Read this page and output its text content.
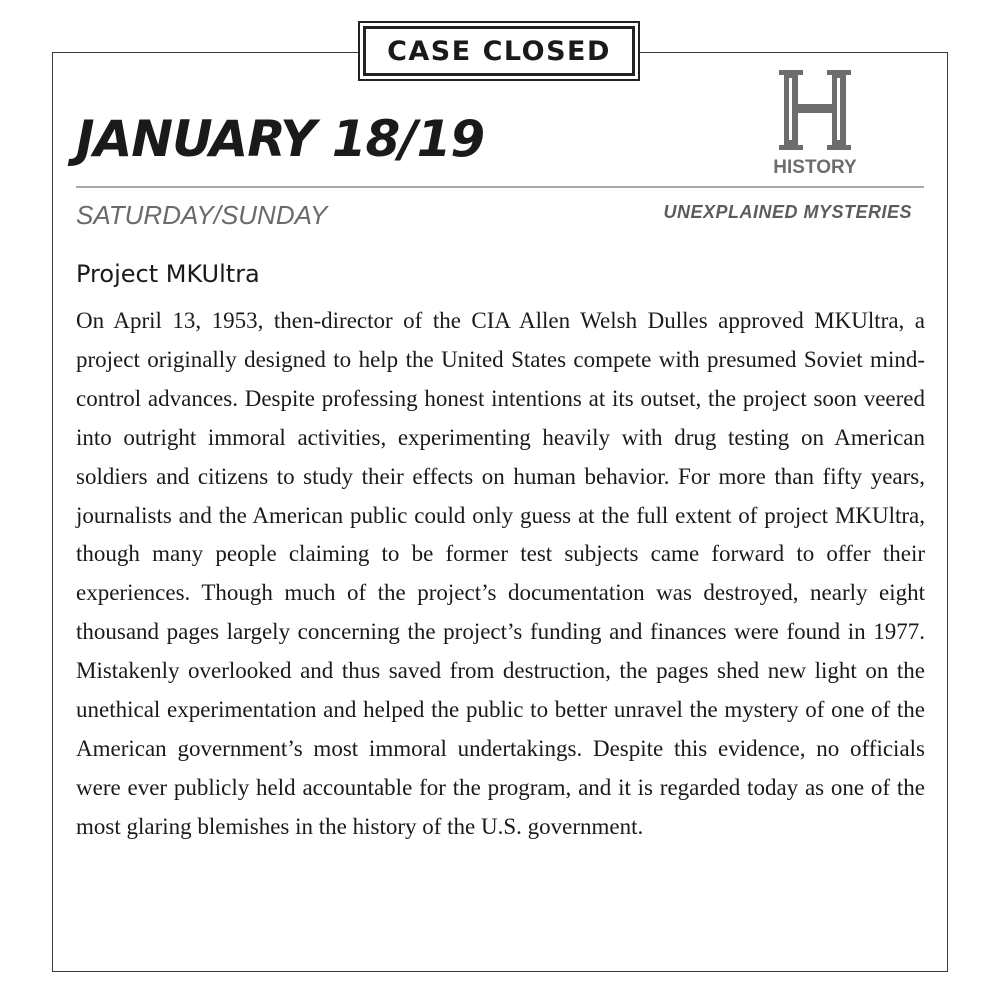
CASE CLOSED
JANUARY 18/19	HISTORY
SATURDAY/SUNDAY	UNEXPLAINED MYSTERIES
Project MKUltra

On April 13, 1953, then-director of the CIA Allen Welsh Dulles approved MKUltra, a project originally designed to help the United States compete with presumed Soviet mind-control advances. Despite professing honest intentions at its outset, the project soon veered into outright immoral activities, experimenting heavily with drug testing on American soldiers and citizens to study their effects on human behavior. For more than fifty years, journalists and the American public could only guess at the full extent of project MKUltra, though many people claiming to be former test subjects came forward to offer their experiences. Though much of the project’s documentation was destroyed, nearly eight thousand pages largely concerning the project’s funding and finances were found in 1977. Mistakenly overlooked and thus saved from destruction, the pages shed new light on the unethical experimentation and helped the public to better unravel the mystery of one of the American government’s most immoral undertakings. Despite this evidence, no officials were ever publicly held accountable for the program, and it is regarded today as one of the most glaring blemishes in the history of the U.S. government.
